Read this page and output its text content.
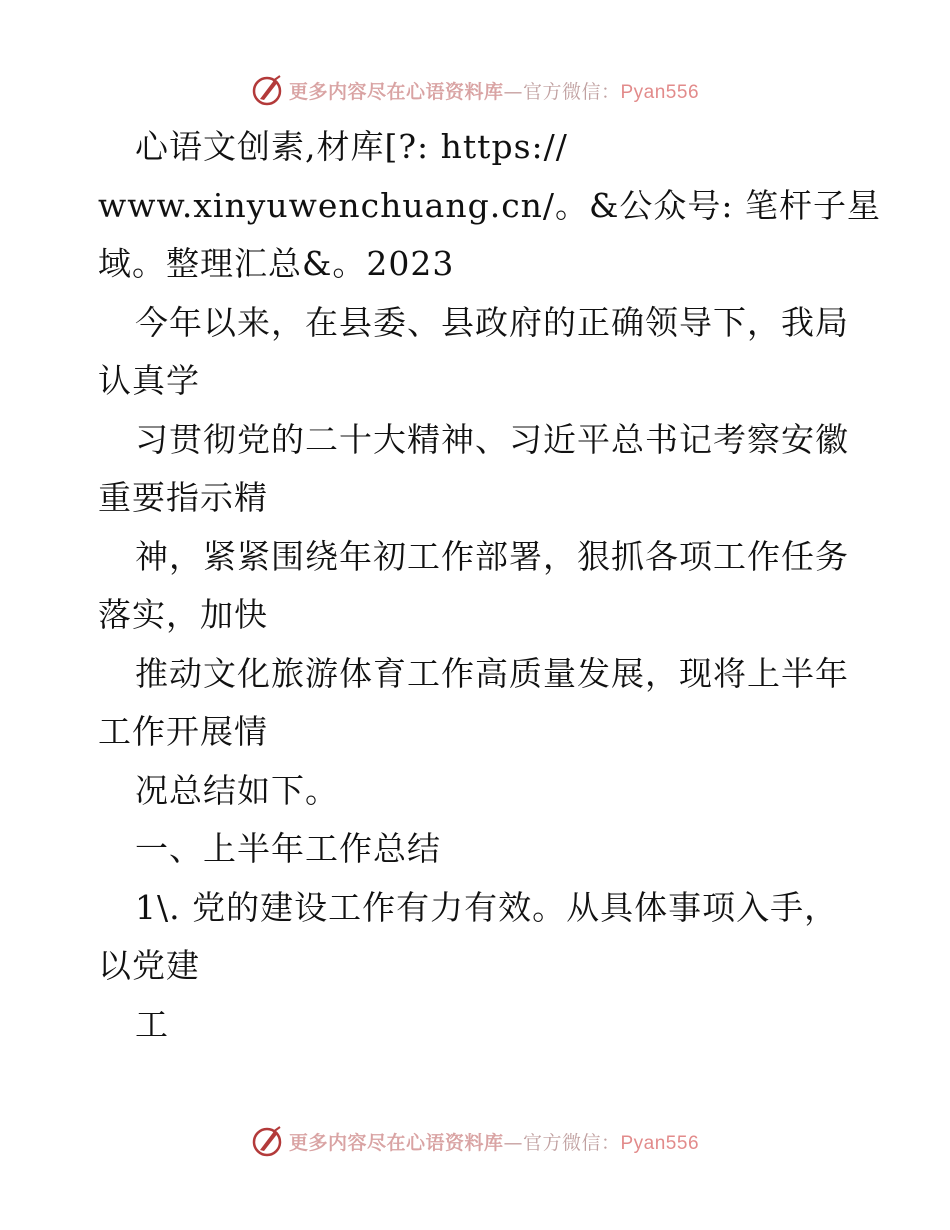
更多内容尽在心语资料库—官方微信：Pyan556
心语文创素,材库[?: https://
www.xinyuwenchuang.cn/。&公众号: 笔杆子星
域。整理汇总&。2023
今年以来，在县委、县政府的正确领导下，我局
认真学
习贯彻党的二十大精神、习近平总书记考察安徽
重要指示精
神，紧紧围绕年初工作部署，狠抓各项工作任务
落实，加快
推动文化旅游体育工作高质量发展，现将上半年
工作开展情
况总结如下。
一、上半年工作总结
1\. 党的建设工作有力有效。从具体事项入手，
以党建
工
更多内容尽在心语资料库—官方微信：Pyan556
